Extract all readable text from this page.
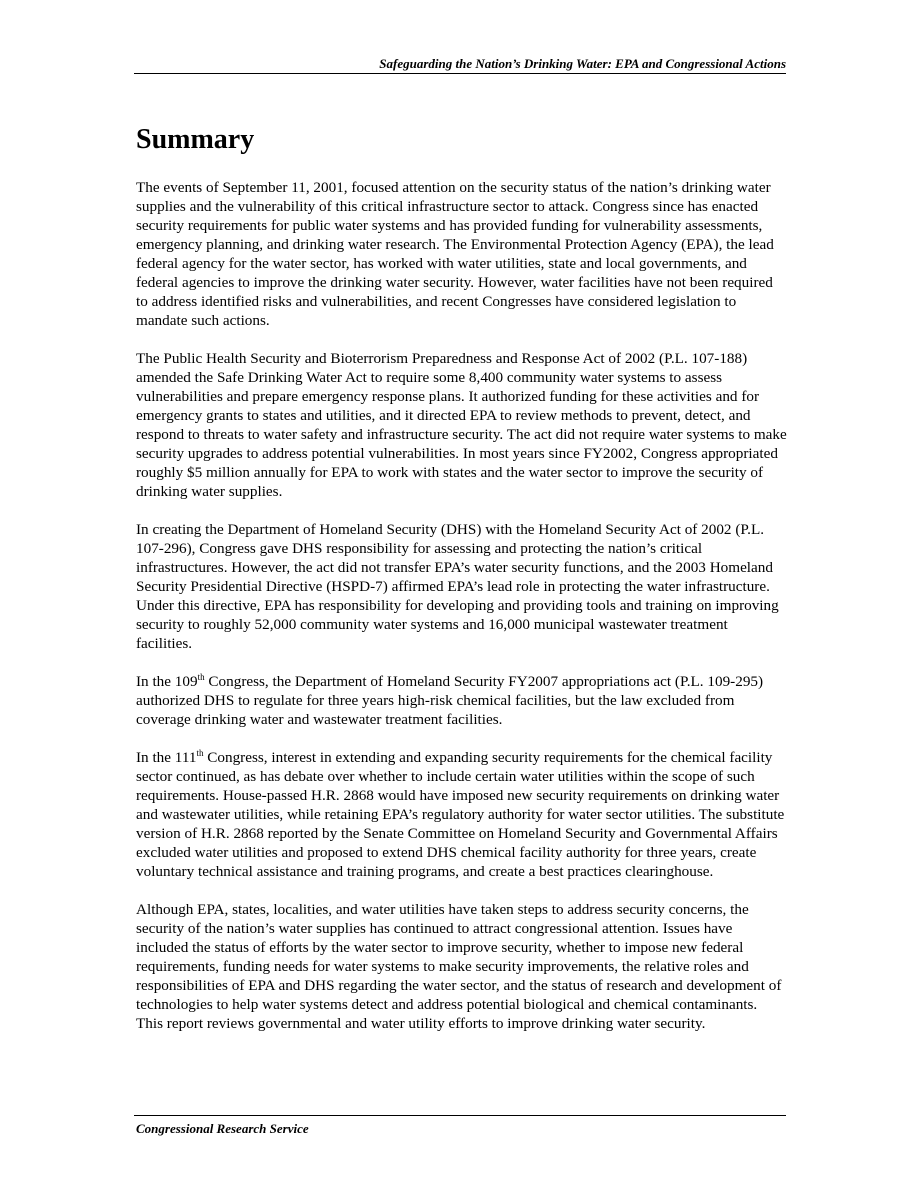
Safeguarding the Nation’s Drinking Water: EPA and Congressional Actions
Summary

The events of September 11, 2001, focused attention on the security status of the nation’s drinking water supplies and the vulnerability of this critical infrastructure sector to attack. Congress since has enacted security requirements for public water systems and has provided funding for vulnerability assessments, emergency planning, and drinking water research. The Environmental Protection Agency (EPA), the lead federal agency for the water sector, has worked with water utilities, state and local governments, and federal agencies to improve the drinking water security. However, water facilities have not been required to address identified risks and vulnerabilities, and recent Congresses have considered legislation to mandate such actions.

The Public Health Security and Bioterrorism Preparedness and Response Act of 2002 (P.L. 107-188) amended the Safe Drinking Water Act to require some 8,400 community water systems to assess vulnerabilities and prepare emergency response plans. It authorized funding for these activities and for emergency grants to states and utilities, and it directed EPA to review methods to prevent, detect, and respond to threats to water safety and infrastructure security. The act did not require water systems to make security upgrades to address potential vulnerabilities. In most years since FY2002, Congress appropriated roughly $5 million annually for EPA to work with states and the water sector to improve the security of drinking water supplies.

In creating the Department of Homeland Security (DHS) with the Homeland Security Act of 2002 (P.L. 107-296), Congress gave DHS responsibility for assessing and protecting the nation’s critical infrastructures. However, the act did not transfer EPA’s water security functions, and the 2003 Homeland Security Presidential Directive (HSPD-7) affirmed EPA’s lead role in protecting the water infrastructure. Under this directive, EPA has responsibility for developing and providing tools and training on improving security to roughly 52,000 community water systems and 16,000 municipal wastewater treatment facilities.

In the 109th Congress, the Department of Homeland Security FY2007 appropriations act (P.L. 109-295) authorized DHS to regulate for three years high-risk chemical facilities, but the law excluded from coverage drinking water and wastewater treatment facilities.

In the 111th Congress, interest in extending and expanding security requirements for the chemical facility sector continued, as has debate over whether to include certain water utilities within the scope of such requirements. House-passed H.R. 2868 would have imposed new security requirements on drinking water and wastewater utilities, while retaining EPA’s regulatory authority for water sector utilities. The substitute version of H.R. 2868 reported by the Senate Committee on Homeland Security and Governmental Affairs excluded water utilities and proposed to extend DHS chemical facility authority for three years, create voluntary technical assistance and training programs, and create a best practices clearinghouse.

Although EPA, states, localities, and water utilities have taken steps to address security concerns, the security of the nation’s water supplies has continued to attract congressional attention. Issues have included the status of efforts by the water sector to improve security, whether to impose new federal requirements, funding needs for water systems to make security improvements, the relative roles and responsibilities of EPA and DHS regarding the water sector, and the status of research and development of technologies to help water systems detect and address potential biological and chemical contaminants. This report reviews governmental and water utility efforts to improve drinking water security.

Congressional Research Service
